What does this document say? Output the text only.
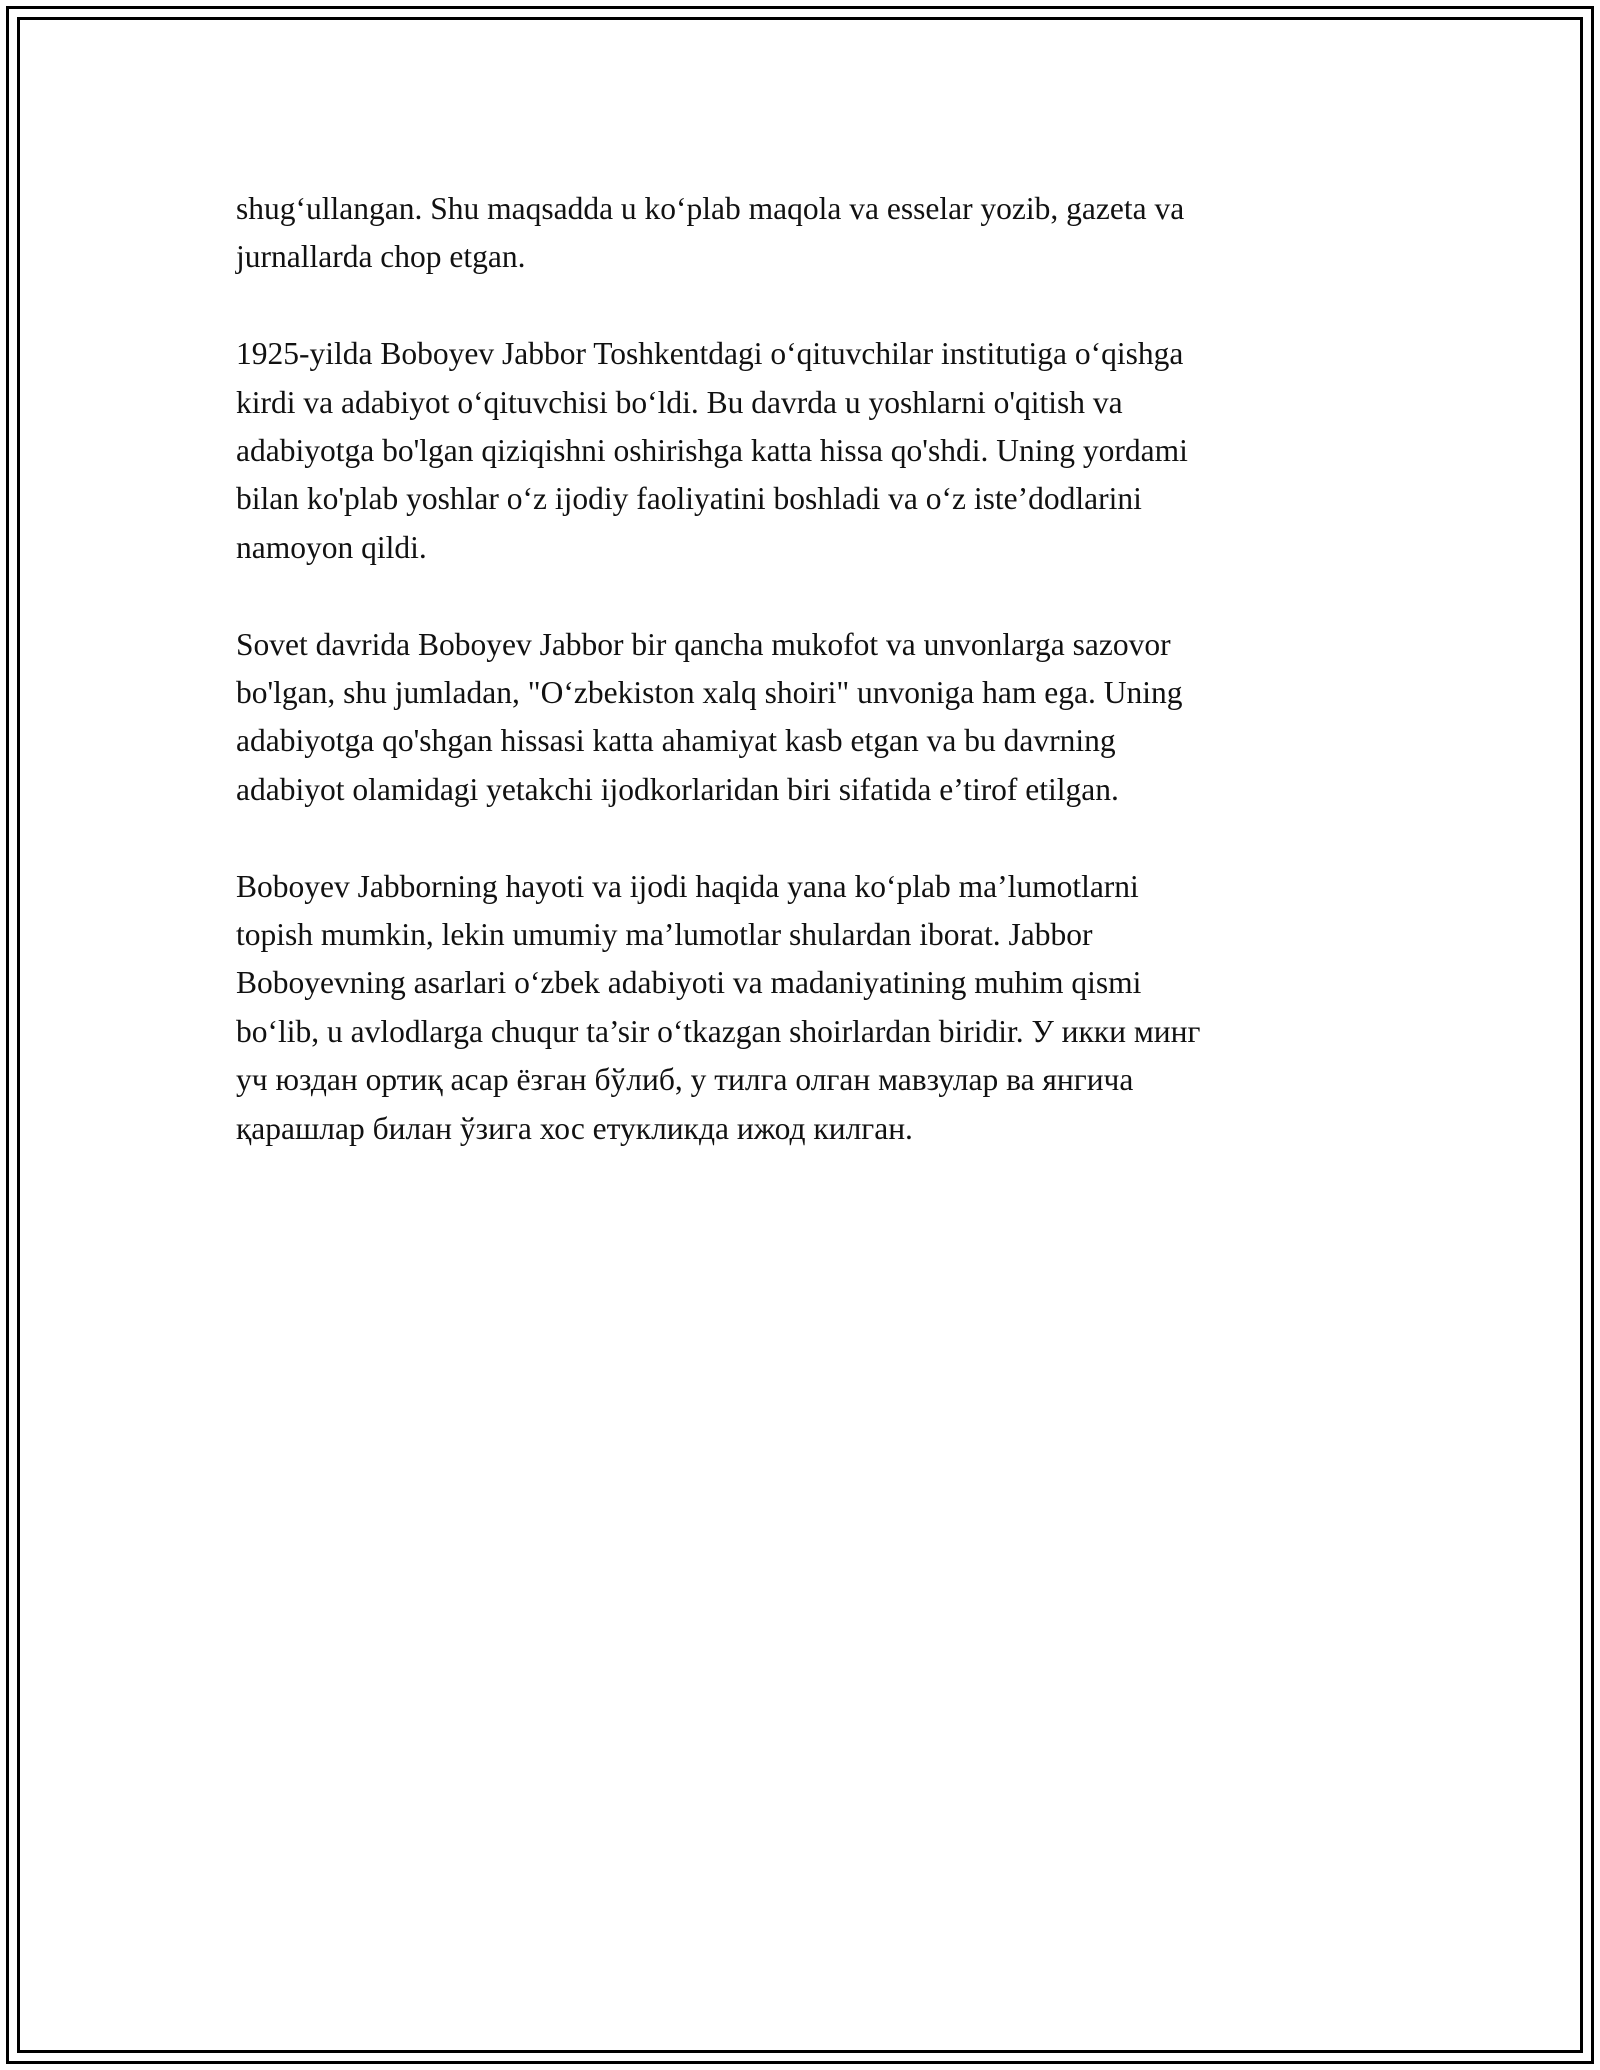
shug‘ullangan. Shu maqsadda u ko‘plab maqola va esselar yozib, gazeta va
jurnallarda chop etgan.

1925-yilda Boboyev Jabbor Toshkentdagi o‘qituvchilar institutiga o‘qishga
kirdi va adabiyot o‘qituvchisi bo‘ldi. Bu davrda u yoshlarni o'qitish va
adabiyotga bo'lgan qiziqishni oshirishga katta hissa qo'shdi. Uning yordami
bilan ko'plab yoshlar o‘z ijodiy faoliyatini boshladi va o‘z iste’dodlarini
namoyon qildi.

Sovet davrida Boboyev Jabbor bir qancha mukofot va unvonlarga sazovor
bo'lgan, shu jumladan, "O‘zbekiston xalq shoiri" unvoniga ham ega. Uning
adabiyotga qo'shgan hissasi katta ahamiyat kasb etgan va bu davrning
adabiyot olamidagi yetakchi ijodkorlaridan biri sifatida e’tirof etilgan.

Boboyev Jabborning hayoti va ijodi haqida yana ko‘plab ma’lumotlarni
topish mumkin, lekin umumiy ma’lumotlar shulardan iborat. Jabbor
Boboyevning asarlari o‘zbek adabiyoti va madaniyatining muhim qismi
bo‘lib, u avlodlarga chuqur ta’sir o‘tkazgan shoirlardan biridir. У икки минг
уч юздан ортиқ асар ёзган бўлиб, у тилга олган мавзулар ва янгича
қарашлар билан ўзига хос етукликда ижод килган.
